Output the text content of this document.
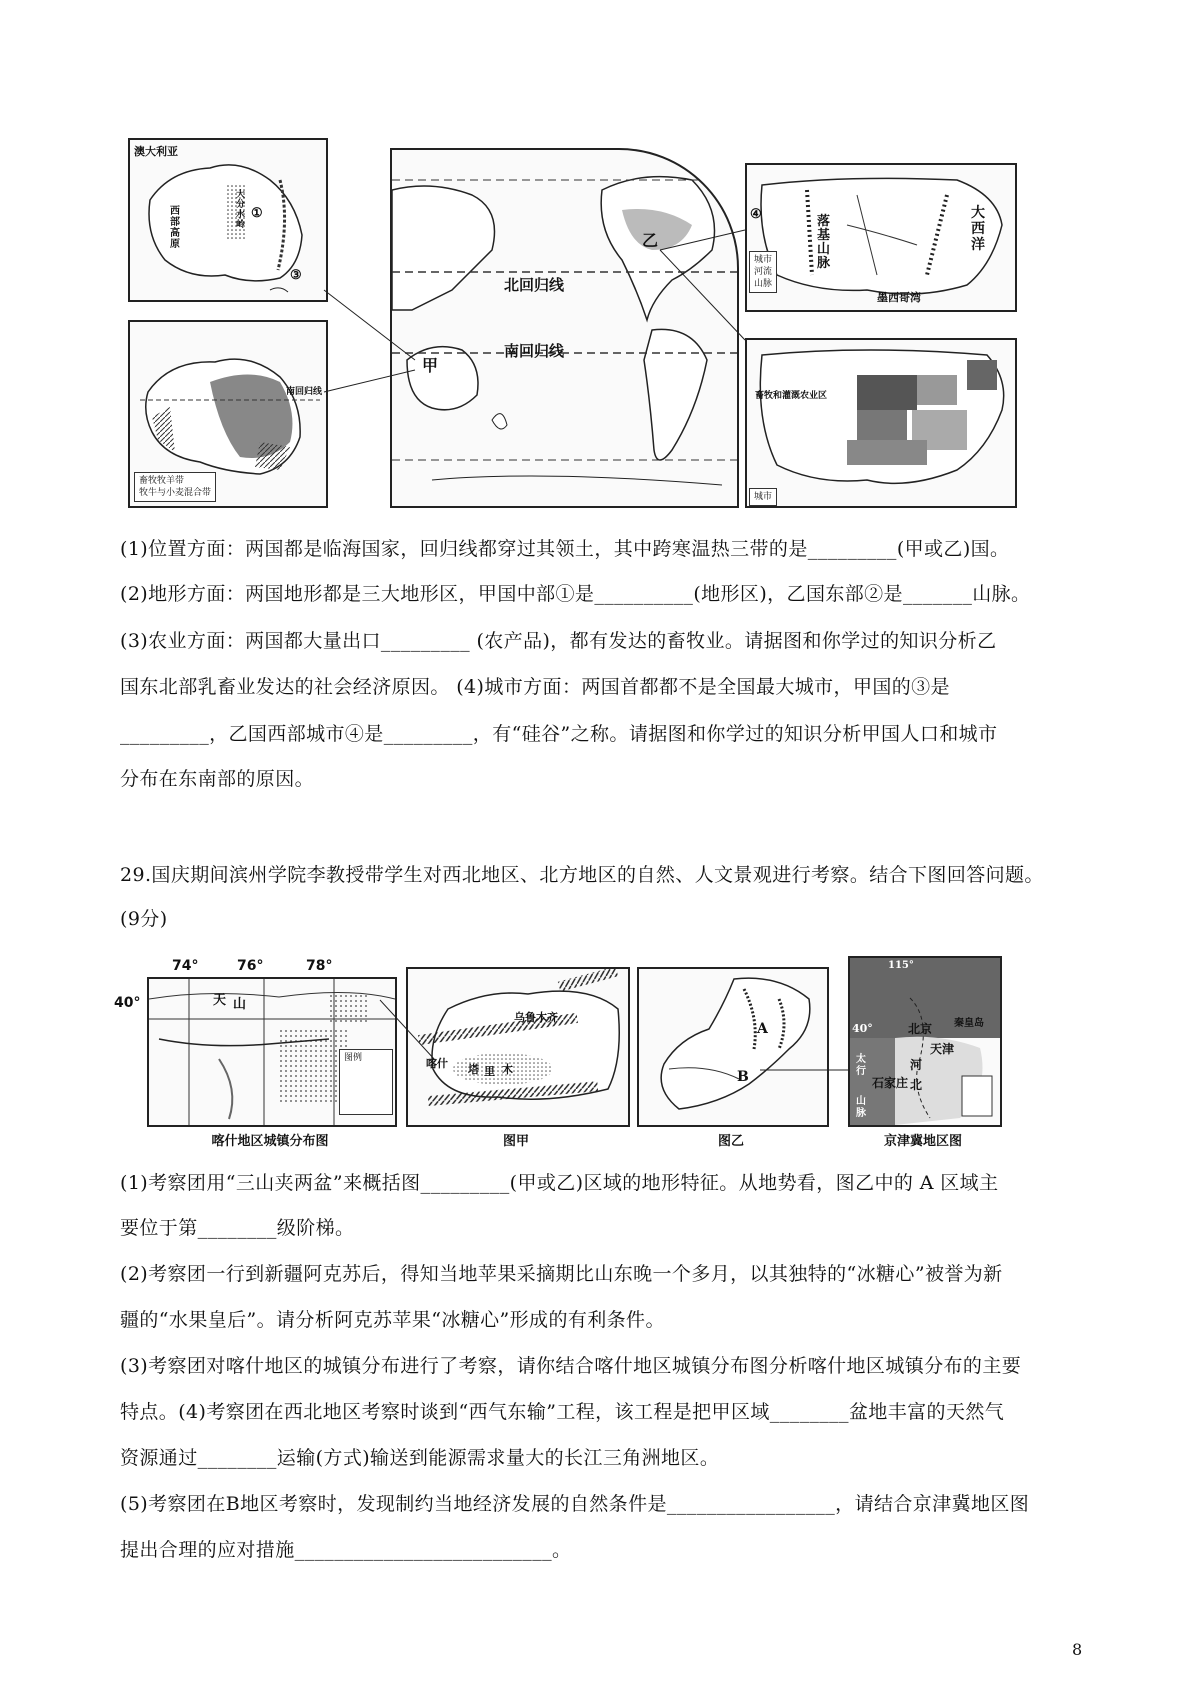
澳大利亚
大分水岭
西部高原
①
③
南回归线
畜牧牧羊带
牧牛与小麦混合带
北回归线
南回归线
甲
乙
④	落基山脉
大西洋
墨西哥湾
城市
河流
山脉
畜牧和灌溉农业区
城市
(1)位置方面：两国都是临海国家，回归线都穿过其领土，其中跨寒温热三带的是_________(甲或乙)国。
(2)地形方面：两国地形都是三大地形区，甲国中部①是__________(地形区)，乙国东部②是_______山脉。
(3)农业方面：两国都大量出口_________ (农产品)，都有发达的畜牧业。请据图和你学过的知识分析乙
国东北部乳畜业发达的社会经济原因。 (4)城市方面：两国首都都不是全国最大城市，甲国的③是
_________，乙国西部城市④是_________，有“硅谷”之称。请据图和你学过的知识分析甲国人口和城市
分布在东南部的原因。
29.国庆期间滨州学院李教授带学生对西北地区、北方地区的自然、人文景观进行考察。结合下图回答问题。
(9分)
天 山
图例
74°	76°	78°
40°
喀什地区城镇分布图
乌鲁木齐
喀什 塔 里 木
图甲
A
B
图乙
115°
40°	北京
天津
秦皇岛
石家庄
河
北
太
行
山
脉
京津冀地区图
(1)考察团用“三山夹两盆”来概括图_________(甲或乙)区域的地形特征。从地势看，图乙中的 A 区域主
要位于第________级阶梯。
(2)考察团一行到新疆阿克苏后，得知当地苹果采摘期比山东晚一个多月，以其独特的“冰糖心”被誉为新
疆的“水果皇后”。请分析阿克苏苹果“冰糖心”形成的有利条件。
(3)考察团对喀什地区的城镇分布进行了考察，请你结合喀什地区城镇分布图分析喀什地区城镇分布的主要
特点。(4)考察团在西北地区考察时谈到“西气东输”工程，该工程是把甲区域________盆地丰富的天然气
资源通过________运输(方式)输送到能源需求量大的长江三角洲地区。
(5)考察团在B地区考察时，发现制约当地经济发展的自然条件是_________________，请结合京津冀地区图
提出合理的应对措施__________________________。
8
